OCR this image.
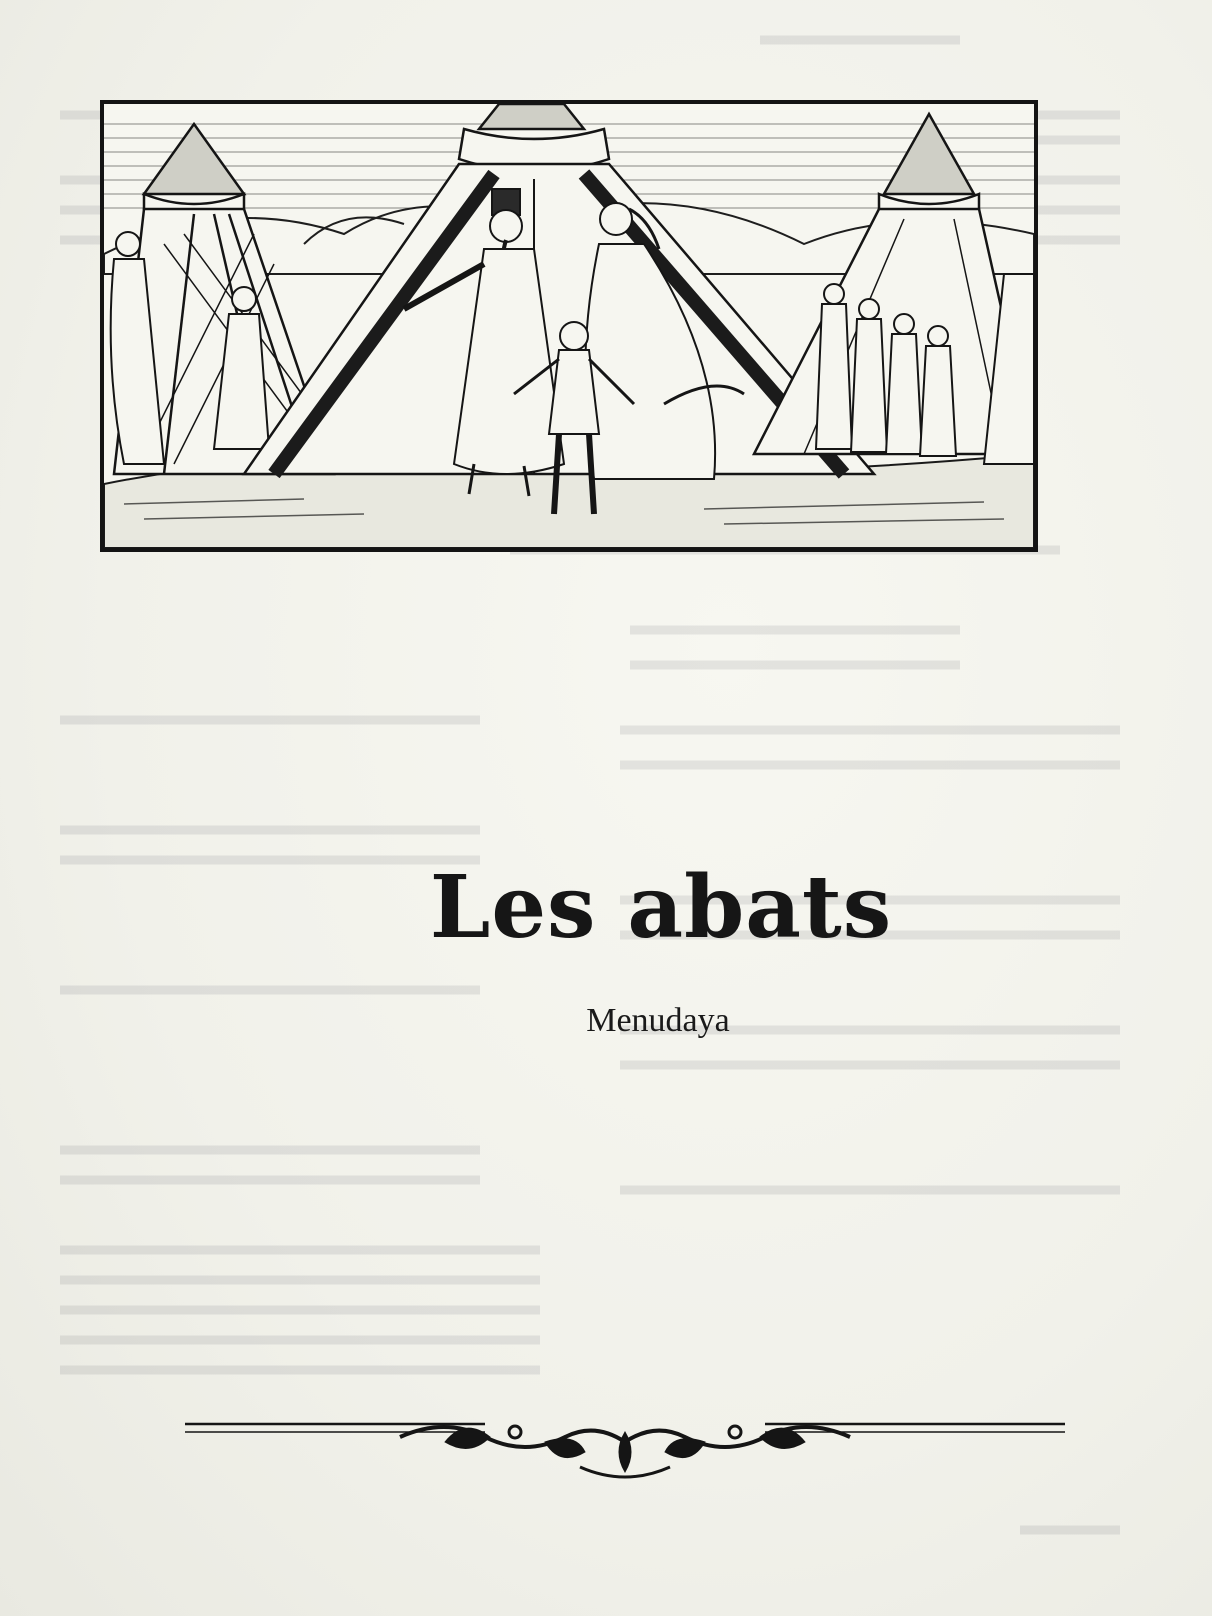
Les abats
Menudaya
